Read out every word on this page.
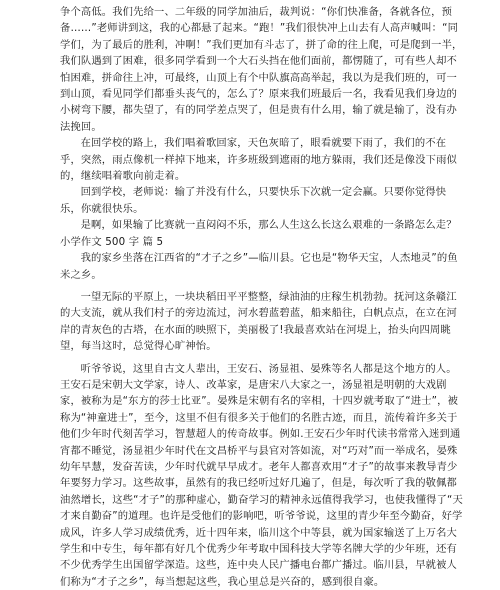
争个高低。我们先给一、二年级的同学加油后，裁判说：“你们快准备，各就各位，预备……”老师讲到这，我的心都悬了起来。“跑！”我们很快冲上山去有人高声喊叫：“同学们，为了最后的胜利，冲啊！”我们更加有斗志了，拼了命的往上爬，可是爬到一半，我们队遇到了困难，很多同学看到一个大石头挡在他们面前，都愣随了，可有些人却不怕困难，拼命往上冲，可最终，山顶上有个中队旗高高举起，我以为是我们班的，可一到山顶，看见同学们都垂头丧气的，怎么了？原来我们班最后一名，我看见我们身边的小树弯下腰，都失望了，有的同学差点哭了，但是贵有什么用，输了就是输了，没有办法挽回。

在回学校的路上，我们唱着歌回家，天色灰暗了，眼看就要下雨了，我们的不在乎，突然，雨点像机一样掉下地来，许多班级到遮雨的地方躲雨，我们还是像没下雨似的，继续唱着歌向前走着。

回到学校，老师说：输了并没有什么，只要快乐下次就一定会赢。只要你觉得快乐，你就很快乐。

是啊，如果输了比赛就一直闷闷不乐，那么人生这么长这么艰难的一条路怎么走？

小学作文 500 字 篇 5

我的家乡坐落在江西省的“才子之乡”—临川县。它也是“物华天宝，人杰地灵”的鱼米之乡。

一望无际的平原上，一块块稻田平平整整，绿油油的庄稼生机勃勃。抚河这条赣江的大支流，就从我们村子的旁边流过，河水碧蓝碧蓝，船来船往，白帆点点，在立在河岸的青灰色的古塔，在水面的映照下，美丽极了!我最喜欢站在河堤上，抬头向四周眺望，每当这时，总觉得心旷神怡。

听爷爷说，这里自古文人辈出，王安石、汤显祖、晏殊等名人都是这个地方的人。王安石是宋朝大文学家，诗人、改革家，是唐宋八大家之一，汤显祖是明朝的大戏剧家，被称为是“东方的莎士比亚”。晏殊是宋朝有名的宰相，十四岁就考取了“进士”，被称为“神童进士”，至今，这里不但有很多关于他们的名胜古迹，而且，流传着许多关于他们少年时代刻苦学习，智慧超人的传奇故事。例如.王安石少年时代读书常常入迷到通宵都不睡觉，汤显祖少年时代在文昌桥平与县官对答如流，对“巧对”而一举成名，晏殊幼年早慧，发奋苦读，少年时代就早早成才。老年人都喜欢用“才子”的故事来教导青少年要努力学习。这些故事，虽然有的我已经听过好几遍了，但是，每次听了我的敬佩都油然增长，这些“才子”的那种虚心，勤奋学习的精神永远值得我学习，也使我懂得了“天才来自勤奋”的道理。也许是受他们的影响吧，听爷爷说，这里的青少年至今勤奋，好学成风，许多人学习成绩优秀，近十四年来，临川这个中等县，就为国家输送了上万名大学生和中专生，每年都有好几个优秀少年考取中国科技大学等名牌大学的少年班，还有不少优秀学生出国留学深造。这些，连中央人民广播电台都广播过。临川县，早就被人们称为“才子之乡”，每当想起这些，我心里总是兴奋的，感到很自豪。
